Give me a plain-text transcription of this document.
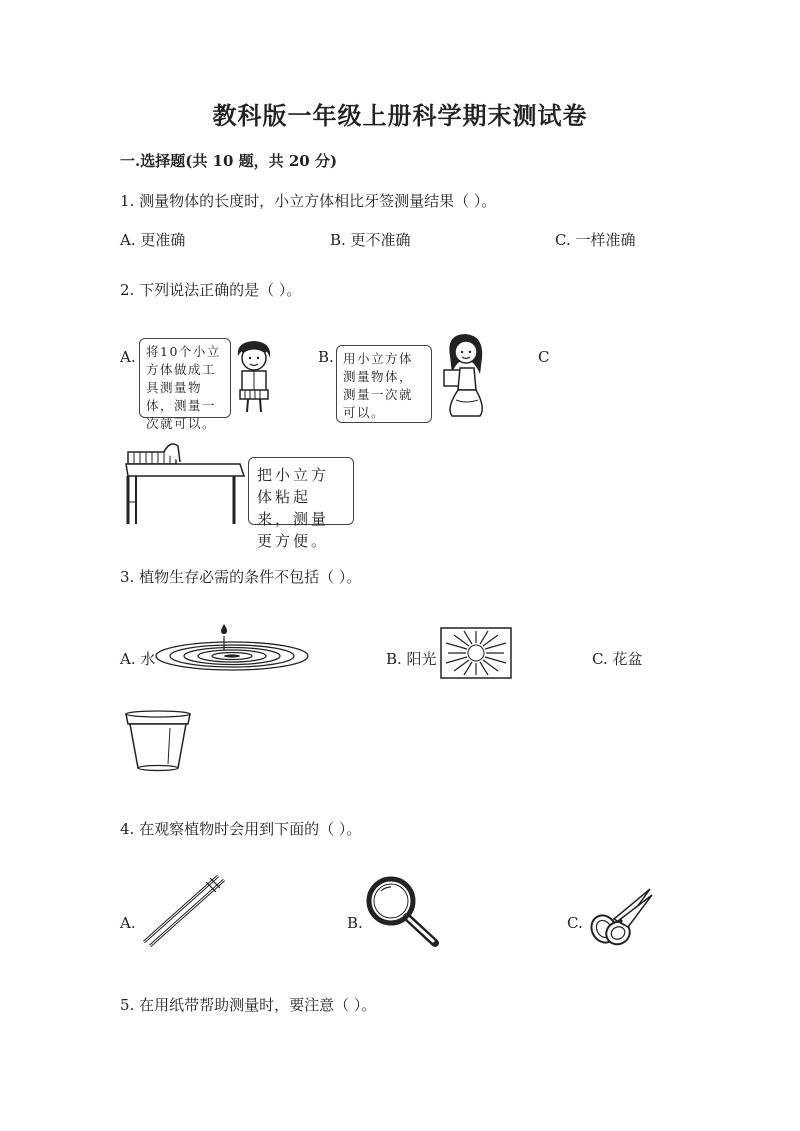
教科版一年级上册科学期末测试卷
一.选择题(共 10 题，共 20 分)
1. 测量物体的长度时，小立方体相比牙签测量结果（ ）。
A. 更准确	B. 更不准确	C. 一样准确
2. 下列说法正确的是（ ）。
A.	B.	C
将10个小立方体做成工具测量物体，测量一次就可以。
用小立方体测量物体，测量一次就可以。
把小立方体粘起来，测量更方便。
3. 植物生存必需的条件不包括（ ）。
A. 水	B. 阳光	C. 花盆
4. 在观察植物时会用到下面的（ ）。
A.	B.	C.
5. 在用纸带帮助测量时，要注意（ ）。
